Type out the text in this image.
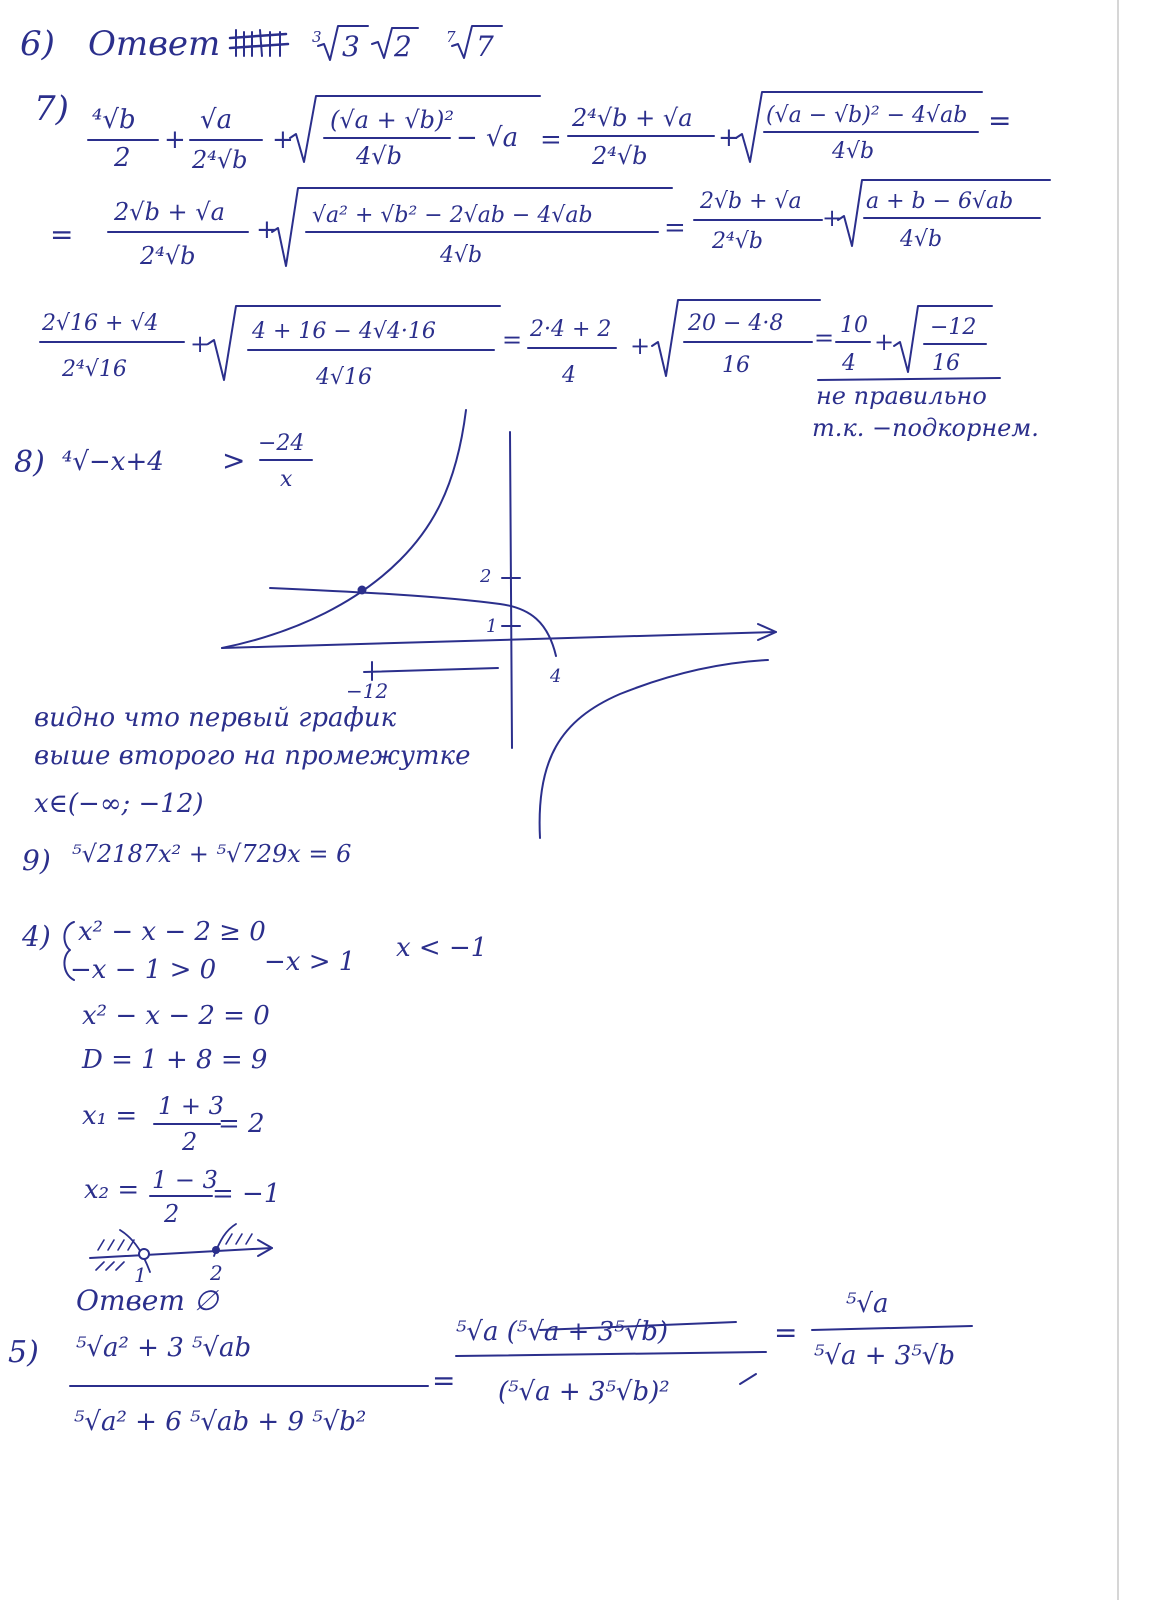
6) Ответ	3 3 2 7 7
7) ⁴√b
2
+
√a
2⁴√b
+
(√a + √b)²
4√b
− √a =
2⁴√b + √a
2⁴√b
+
(√a − √b)² − 4√ab
4√b
=
=
2√b + √a
2⁴√b
+ √a² + √b² − 2√ab − 4√ab
4√b
=
2√b + √a
2⁴√b
+
a + b − 6√ab
4√b
2√16 + √4
2⁴√16
+ 4 + 16 − 4√4·16
4√16
= 2·4 + 2
4
+
20 − 4·8
16
= 10
4
+
−12
16
не правильно
т.к. −подкорнем.
8) ⁴√−x+4 >
−24
x
2
1
4
−12
видно что первый график
выше второго на промежутке
x∈(−∞; −12)
9) ⁵√2187x² + ⁵√729x = 6
4) x² − x − 2 ≥ 0
−x − 1 > 0 −x > 1 x < −1
x² − x − 2 = 0
D = 1 + 8 = 9
x₁ = 1 + 3
2
= 2
x₂ = 1 − 3
2
= −1
1	2
Ответ ∅
5) ⁵√a² + 3 ⁵√ab
⁵√a² + 6 ⁵√ab + 9 ⁵√b²
=
⁵√a (⁵√a + 3⁵√b)
(⁵√a + 3⁵√b)²
=
⁵√a
⁵√a + 3⁵√b
